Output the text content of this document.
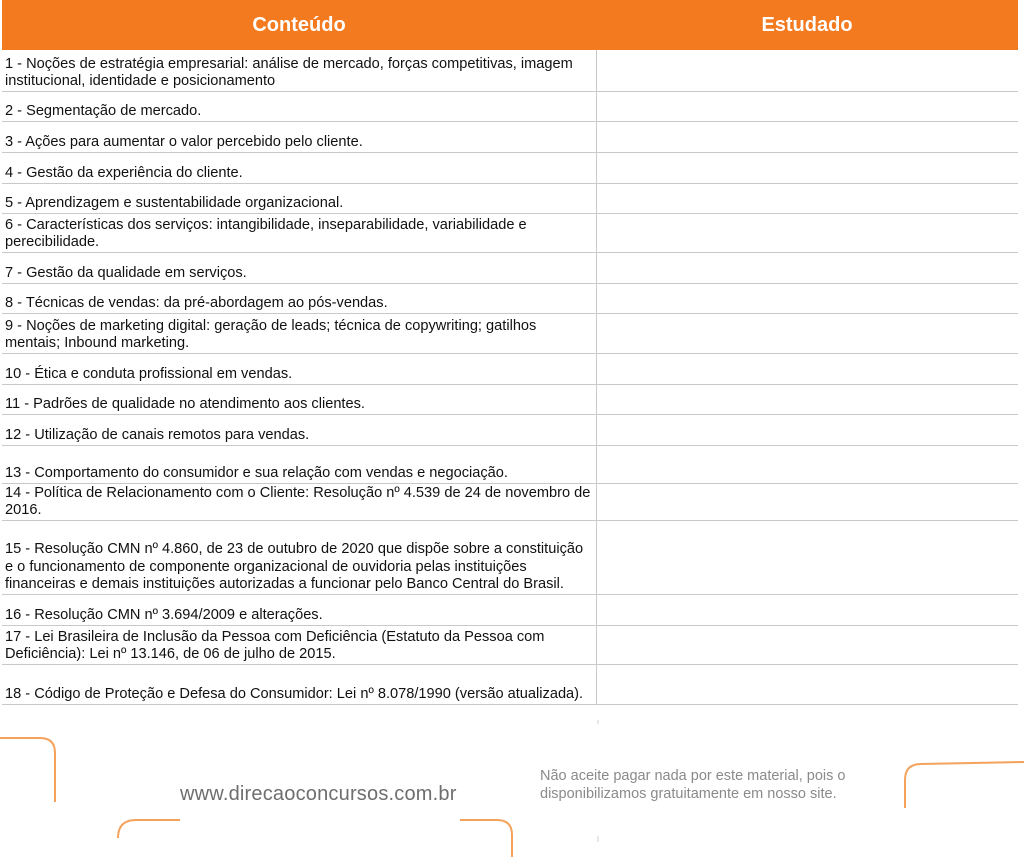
Conteúdo	Estudado
1 - Noções de estratégia empresarial: análise de mercado, forças competitivas, imagem institucional, identidade e posicionamento	
2 - Segmentação de mercado.	
3 - Ações para aumentar o valor percebido pelo cliente.	
4 - Gestão da experiência do cliente.	
5 - Aprendizagem e sustentabilidade organizacional.	
6 - Características dos serviços: intangibilidade, inseparabilidade, variabilidade e perecibilidade.	
7 - Gestão da qualidade em serviços.	
8 - Técnicas de vendas: da pré-abordagem ao pós-vendas.	
9 - Noções de marketing digital: geração de leads; técnica de copywriting; gatilhos mentais; Inbound marketing.	
10 - Ética e conduta profissional em vendas.	
11 - Padrões de qualidade no atendimento aos clientes.	
12 - Utilização de canais remotos para vendas.	
13 - Comportamento do consumidor e sua relação com vendas e negociação.	
14 - Política de Relacionamento com o Cliente: Resolução nº 4.539 de 24 de novembro de 2016.	
15 - Resolução CMN nº 4.860, de 23 de outubro de 2020 que dispõe sobre a constituição e o funcionamento de componente organizacional de ouvidoria pelas instituições financeiras e demais instituições autorizadas a funcionar pelo Banco Central do Brasil.	
16 - Resolução CMN nº 3.694/2009 e alterações.	
17 - Lei Brasileira de Inclusão da Pessoa com Deficiência (Estatuto da Pessoa com Deficiência): Lei nº 13.146, de 06 de julho de 2015.	
18 - Código de Proteção e Defesa do Consumidor: Lei nº 8.078/1990 (versão atualizada).	
www.direcaoconcursos.com.br
Não aceite pagar nada por este material, pois o
disponibilizamos gratuitamente em nosso site.
